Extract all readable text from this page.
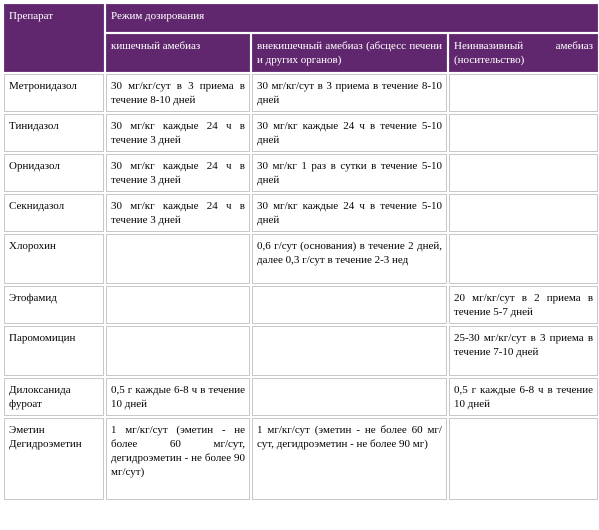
Препарат	Режим дозирования		
	кишечный амебиаз	внекишечный амебиаз (абсцесс печени и других органов)	Неинвазивный амебиаз (носительство)
Метронидазол	30 мг/кг/сут в 3 приема в течение 8-10 дней	30 мг/кг/сут в 3 приема в течение 8-10 дней	
Тинидазол	30 мг/кг каждые 24 ч в течение 3 дней	30 мг/кг каждые 24 ч в течение 5-10 дней	
Орнидазол	30 мг/кг каждые 24 ч в течение 3 дней	30 мг/кг 1 раз в сутки в течение 5-10 дней	
Секнидазол	30 мг/кг каждые 24 ч в течение 3 дней	30 мг/кг каждые 24 ч в течение 5-10 дней	
Хлорохин		0,6 г/сут (основания) в течение 2 дней, далее 0,3 г/сут в течение 2-3 нед	
Этофамид			20 мг/кг/сут в 2 приема в течение 5-7 дней
Паромомицин			25-30 мг/кг/сут в 3 приема в течение 7-10 дней
Дилоксанида фуроат	0,5 г каждые 6-8 ч в течение 10 дней		0,5 г каждые 6-8 ч в течение 10 дней
Эметин Дегидроэметин	1 мг/кг/сут (эметин - не более 60 мг/сут, дегидроэметин - не более 90 мг/сут)	1 мг/кг/сут (эметин - не более 60 мг/сут, дегидроэметин - не более 90 мг)	
